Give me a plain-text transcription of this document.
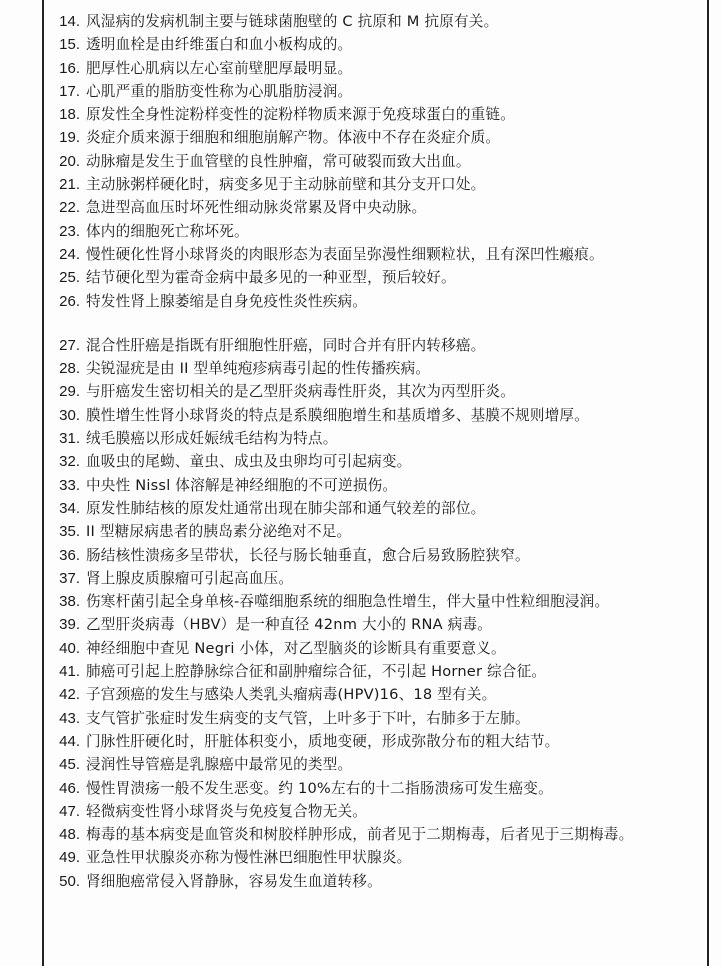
14. 风湿病的发病机制主要与链球菌胞壁的 C 抗原和 M 抗原有关。
15. 透明血栓是由纤维蛋白和血小板构成的。
16. 肥厚性心肌病以左心室前壁肥厚最明显。
17. 心肌严重的脂肪变性称为心肌脂肪浸润。
18. 原发性全身性淀粉样变性的淀粉样物质来源于免疫球蛋白的重链。
19. 炎症介质来源于细胞和细胞崩解产物。体液中不存在炎症介质。
20. 动脉瘤是发生于血管壁的良性肿瘤，常可破裂而致大出血。
21. 主动脉粥样硬化时，病变多见于主动脉前壁和其分支开口处。
22. 急进型高血压时坏死性细动脉炎常累及肾中央动脉。
23. 体内的细胞死亡称坏死。
24. 慢性硬化性肾小球肾炎的肉眼形态为表面呈弥漫性细颗粒状，且有深凹性瘢痕。
25. 结节硬化型为霍奇金病中最多见的一种亚型，预后较好。
26. 特发性肾上腺萎缩是自身免疫性炎性疾病。
27. 混合性肝癌是指既有肝细胞性肝癌，同时合并有肝内转移癌。
28. 尖锐湿疣是由 II 型单纯疱疹病毒引起的性传播疾病。
29. 与肝癌发生密切相关的是乙型肝炎病毒性肝炎，其次为丙型肝炎。
30. 膜性增生性肾小球肾炎的特点是系膜细胞增生和基质增多、基膜不规则增厚。
31. 绒毛膜癌以形成妊娠绒毛结构为特点。
32. 血吸虫的尾蚴、童虫、成虫及虫卵均可引起病变。
33. 中央性 Nissl 体溶解是神经细胞的不可逆损伤。
34. 原发性肺结核的原发灶通常出现在肺尖部和通气较差的部位。
35. II 型糖尿病患者的胰岛素分泌绝对不足。
36. 肠结核性溃疡多呈带状，长径与肠长轴垂直，愈合后易致肠腔狭窄。
37. 肾上腺皮质腺瘤可引起高血压。
38. 伤寒杆菌引起全身单核-吞噬细胞系统的细胞急性增生，伴大量中性粒细胞浸润。
39. 乙型肝炎病毒（HBV）是一种直径 42nm 大小的 RNA 病毒。
40. 神经细胞中查见 Negri 小体，对乙型脑炎的诊断具有重要意义。
41. 肺癌可引起上腔静脉综合征和副肿瘤综合征，不引起 Horner 综合征。
42. 子宫颈癌的发生与感染人类乳头瘤病毒(HPV)16、18 型有关。
43. 支气管扩张症时发生病变的支气管，上叶多于下叶，右肺多于左肺。
44. 门脉性肝硬化时，肝脏体积变小，质地变硬，形成弥散分布的粗大结节。
45. 浸润性导管癌是乳腺癌中最常见的类型。
46. 慢性胃溃疡一般不发生恶变。约 10%左右的十二指肠溃疡可发生癌变。
47. 轻微病变性肾小球肾炎与免疫复合物无关。
48. 梅毒的基本病变是血管炎和树胶样肿形成，前者见于二期梅毒，后者见于三期梅毒。
49. 亚急性甲状腺炎亦称为慢性淋巴细胞性甲状腺炎。
50. 肾细胞癌常侵入肾静脉，容易发生血道转移。
